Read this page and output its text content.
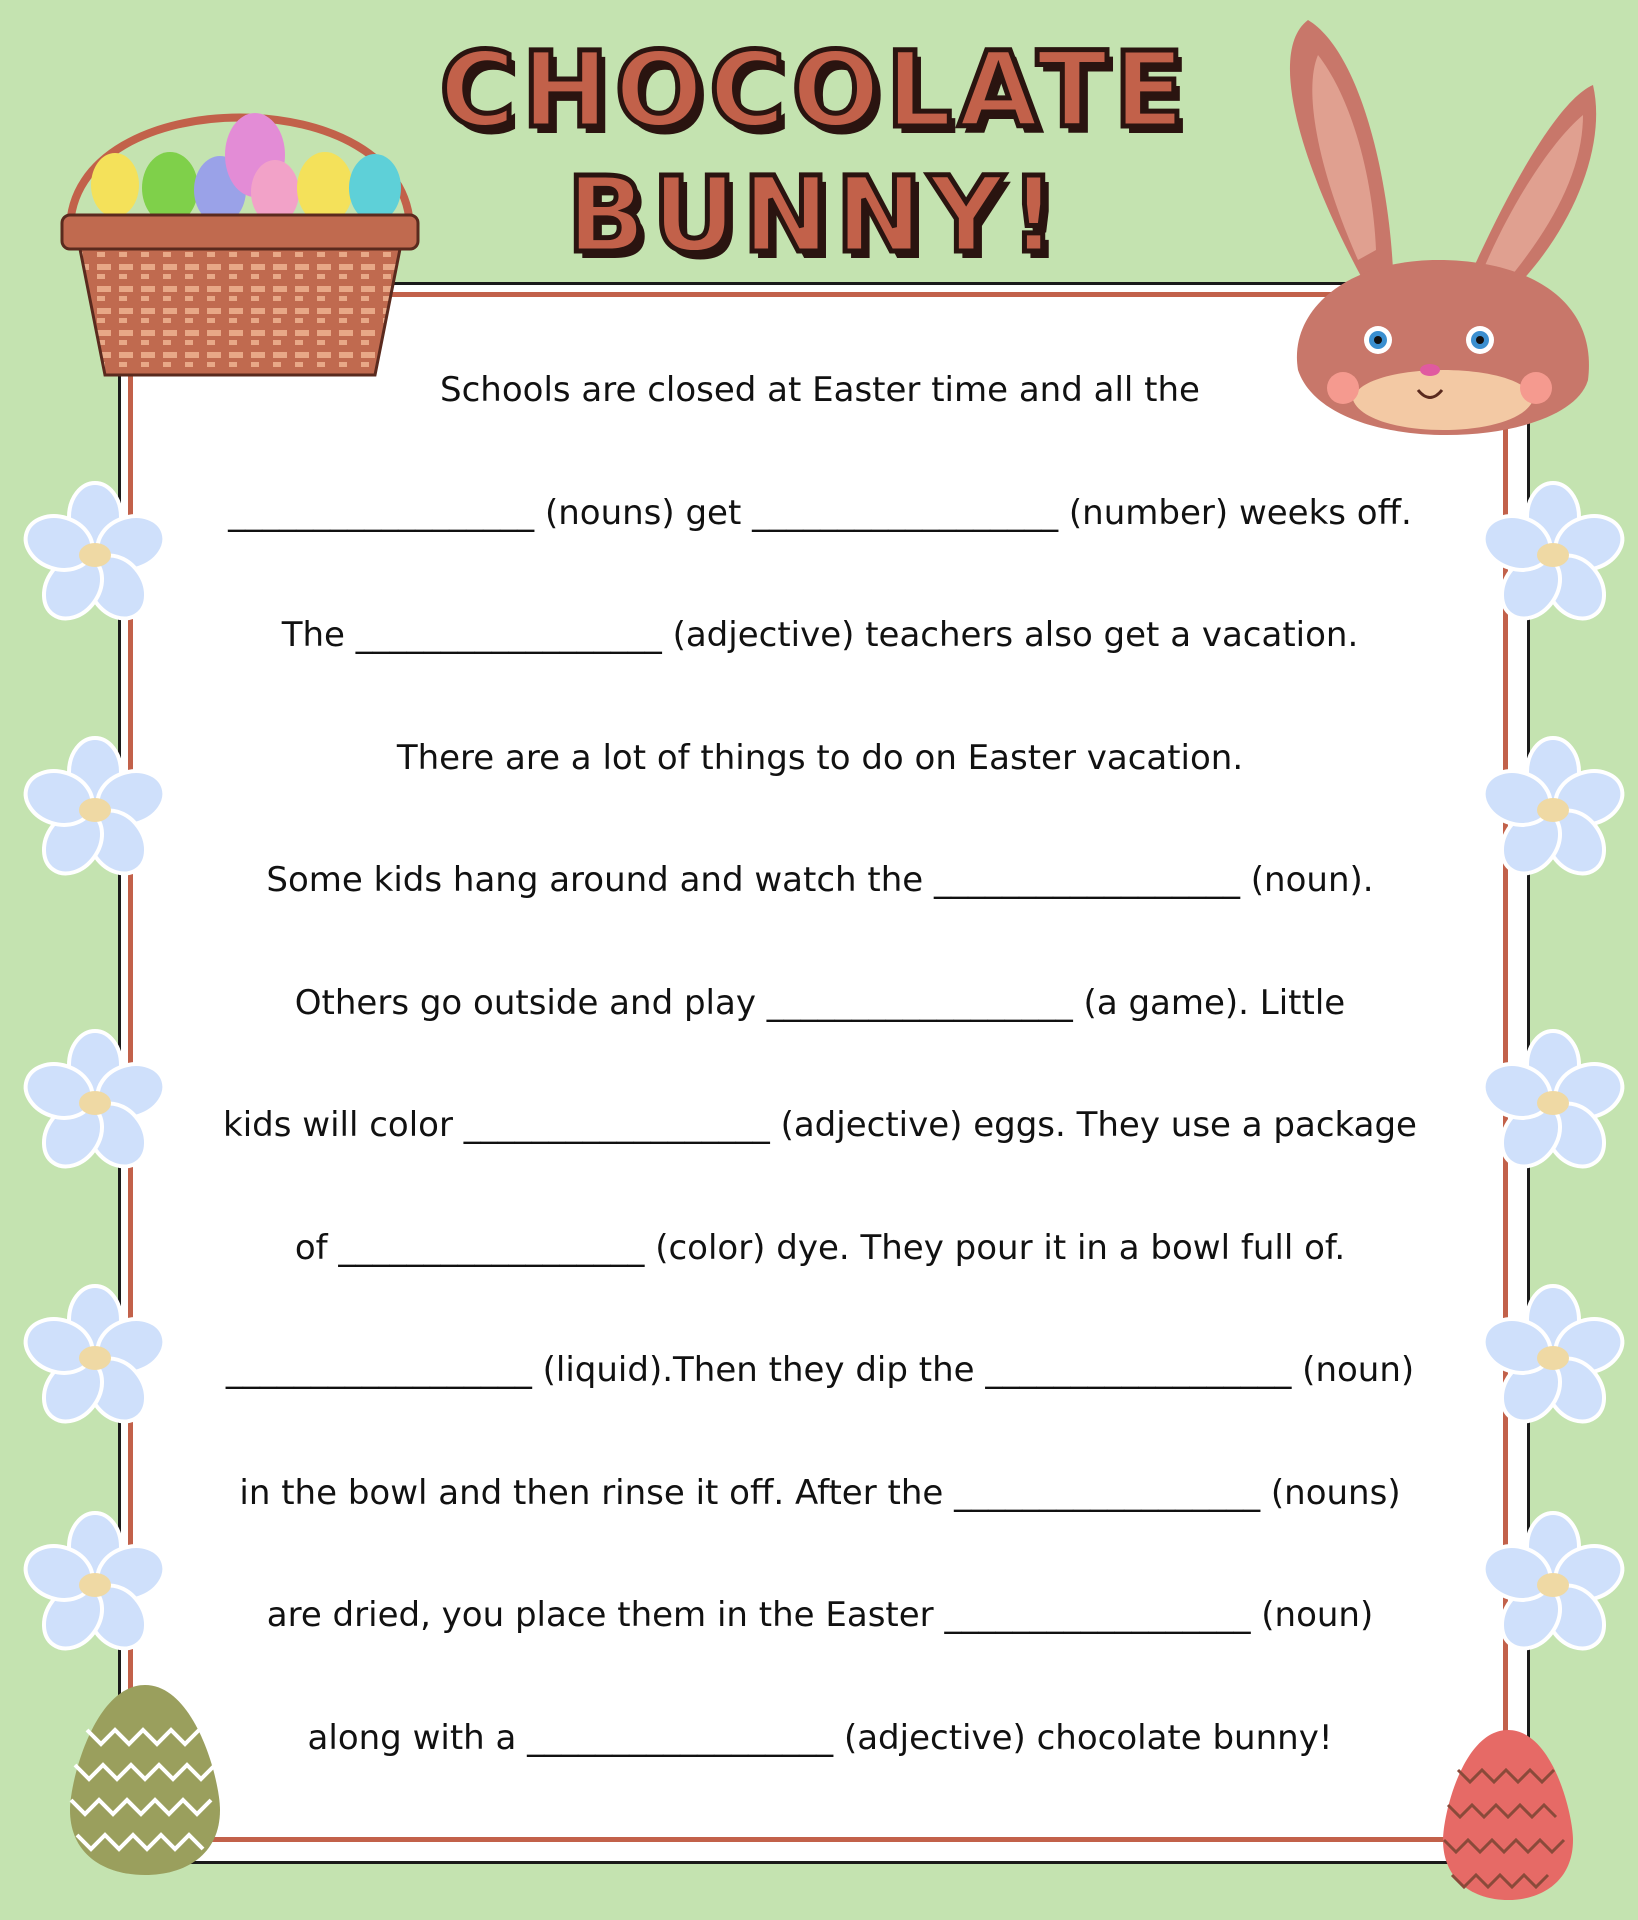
CHOCOLATE
BUNNY!
Schools are closed at Easter time and all the
__________________ (nouns) get __________________ (number) weeks off.
The __________________ (adjective) teachers also get a vacation.
There are a lot of things to do on Easter vacation.
Some kids hang around and watch the __________________ (noun).
Others go outside and play __________________ (a game). Little
kids will color __________________ (adjective) eggs. They use a package
of __________________ (color) dye. They pour it in a bowl full of.
__________________ (liquid).Then they dip the __________________ (noun)
in the bowl and then rinse it off. After the __________________ (nouns)
are dried, you place them in the Easter __________________ (noun)
along with a __________________ (adjective) chocolate bunny!
